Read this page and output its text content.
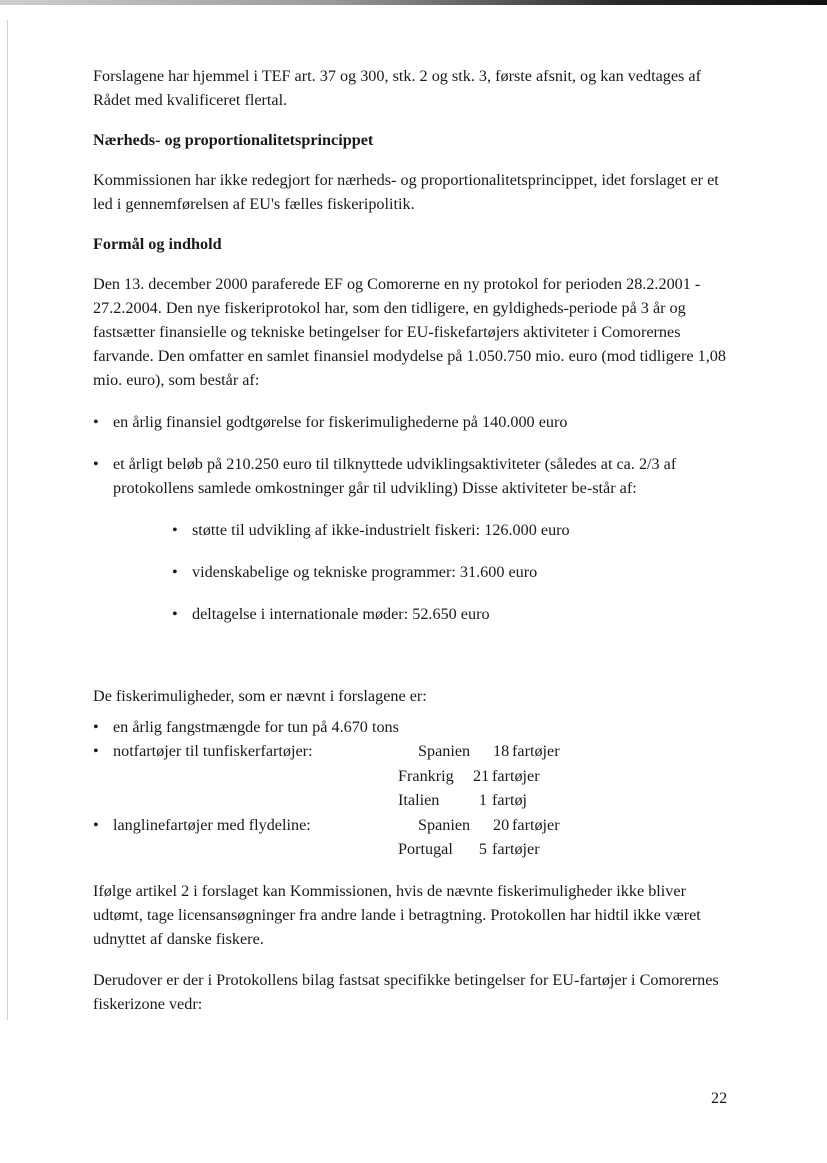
Forslagene har hjemmel i TEF art. 37 og 300, stk. 2 og stk. 3, første afsnit, og kan vedtages af Rådet med kvalificeret flertal.

Nærheds- og proportionalitetsprincippet

Kommissionen har ikke redegjort for nærheds- og proportionalitetsprincippet, idet forslaget er et led i gennemførelsen af EU's fælles fiskeripolitik.

Formål og indhold

Den 13. december 2000 paraferede EF og Comorerne en ny protokol for perioden 28.2.2001 - 27.2.2004. Den nye fiskeriprotokol har, som den tidligere, en gyldigheds-periode på 3 år og fastsætter finansielle og tekniske betingelser for EU-fiskefartøjers aktiviteter i Comorernes farvande. Den omfatter en samlet finansiel modydelse på 1.050.750 mio. euro (mod tidligere 1,08 mio. euro), som består af:

• en årlig finansiel godtgørelse for fiskerimulighederne på 140.000 euro
• et årligt beløb på 210.250 euro til tilknyttede udviklingsaktiviteter (således at ca. 2/3 af protokollens samlede omkostninger går til udvikling) Disse aktiviteter be-står af:
• støtte til udvikling af ikke-industrielt fiskeri: 126.000 euro
• videnskabelige og tekniske programmer: 31.600 euro
• deltagelse i internationale møder: 52.650 euro

De fiskerimuligheder, som er nævnt i forslagene er:

• en årlig fangstmængde for tun på 4.670 tons
• notfartøjer til tunfiskerfartøjer:	Spanien	18 fartøjer
Frankrig	21 fartøjer
Italien	1 fartøj
• langlinefartøjer med flydeline:	Spanien	20 fartøjer
Portugal	5 fartøjer

Ifølge artikel 2 i forslaget kan Kommissionen, hvis de nævnte fiskerimuligheder ikke bliver udtømt, tage licensansøgninger fra andre lande i betragtning. Protokollen har hidtil ikke været udnyttet af danske fiskere.

Derudover er der i Protokollens bilag fastsat specifikke betingelser for EU-fartøjer i Comorernes fiskerizone vedr:

22
